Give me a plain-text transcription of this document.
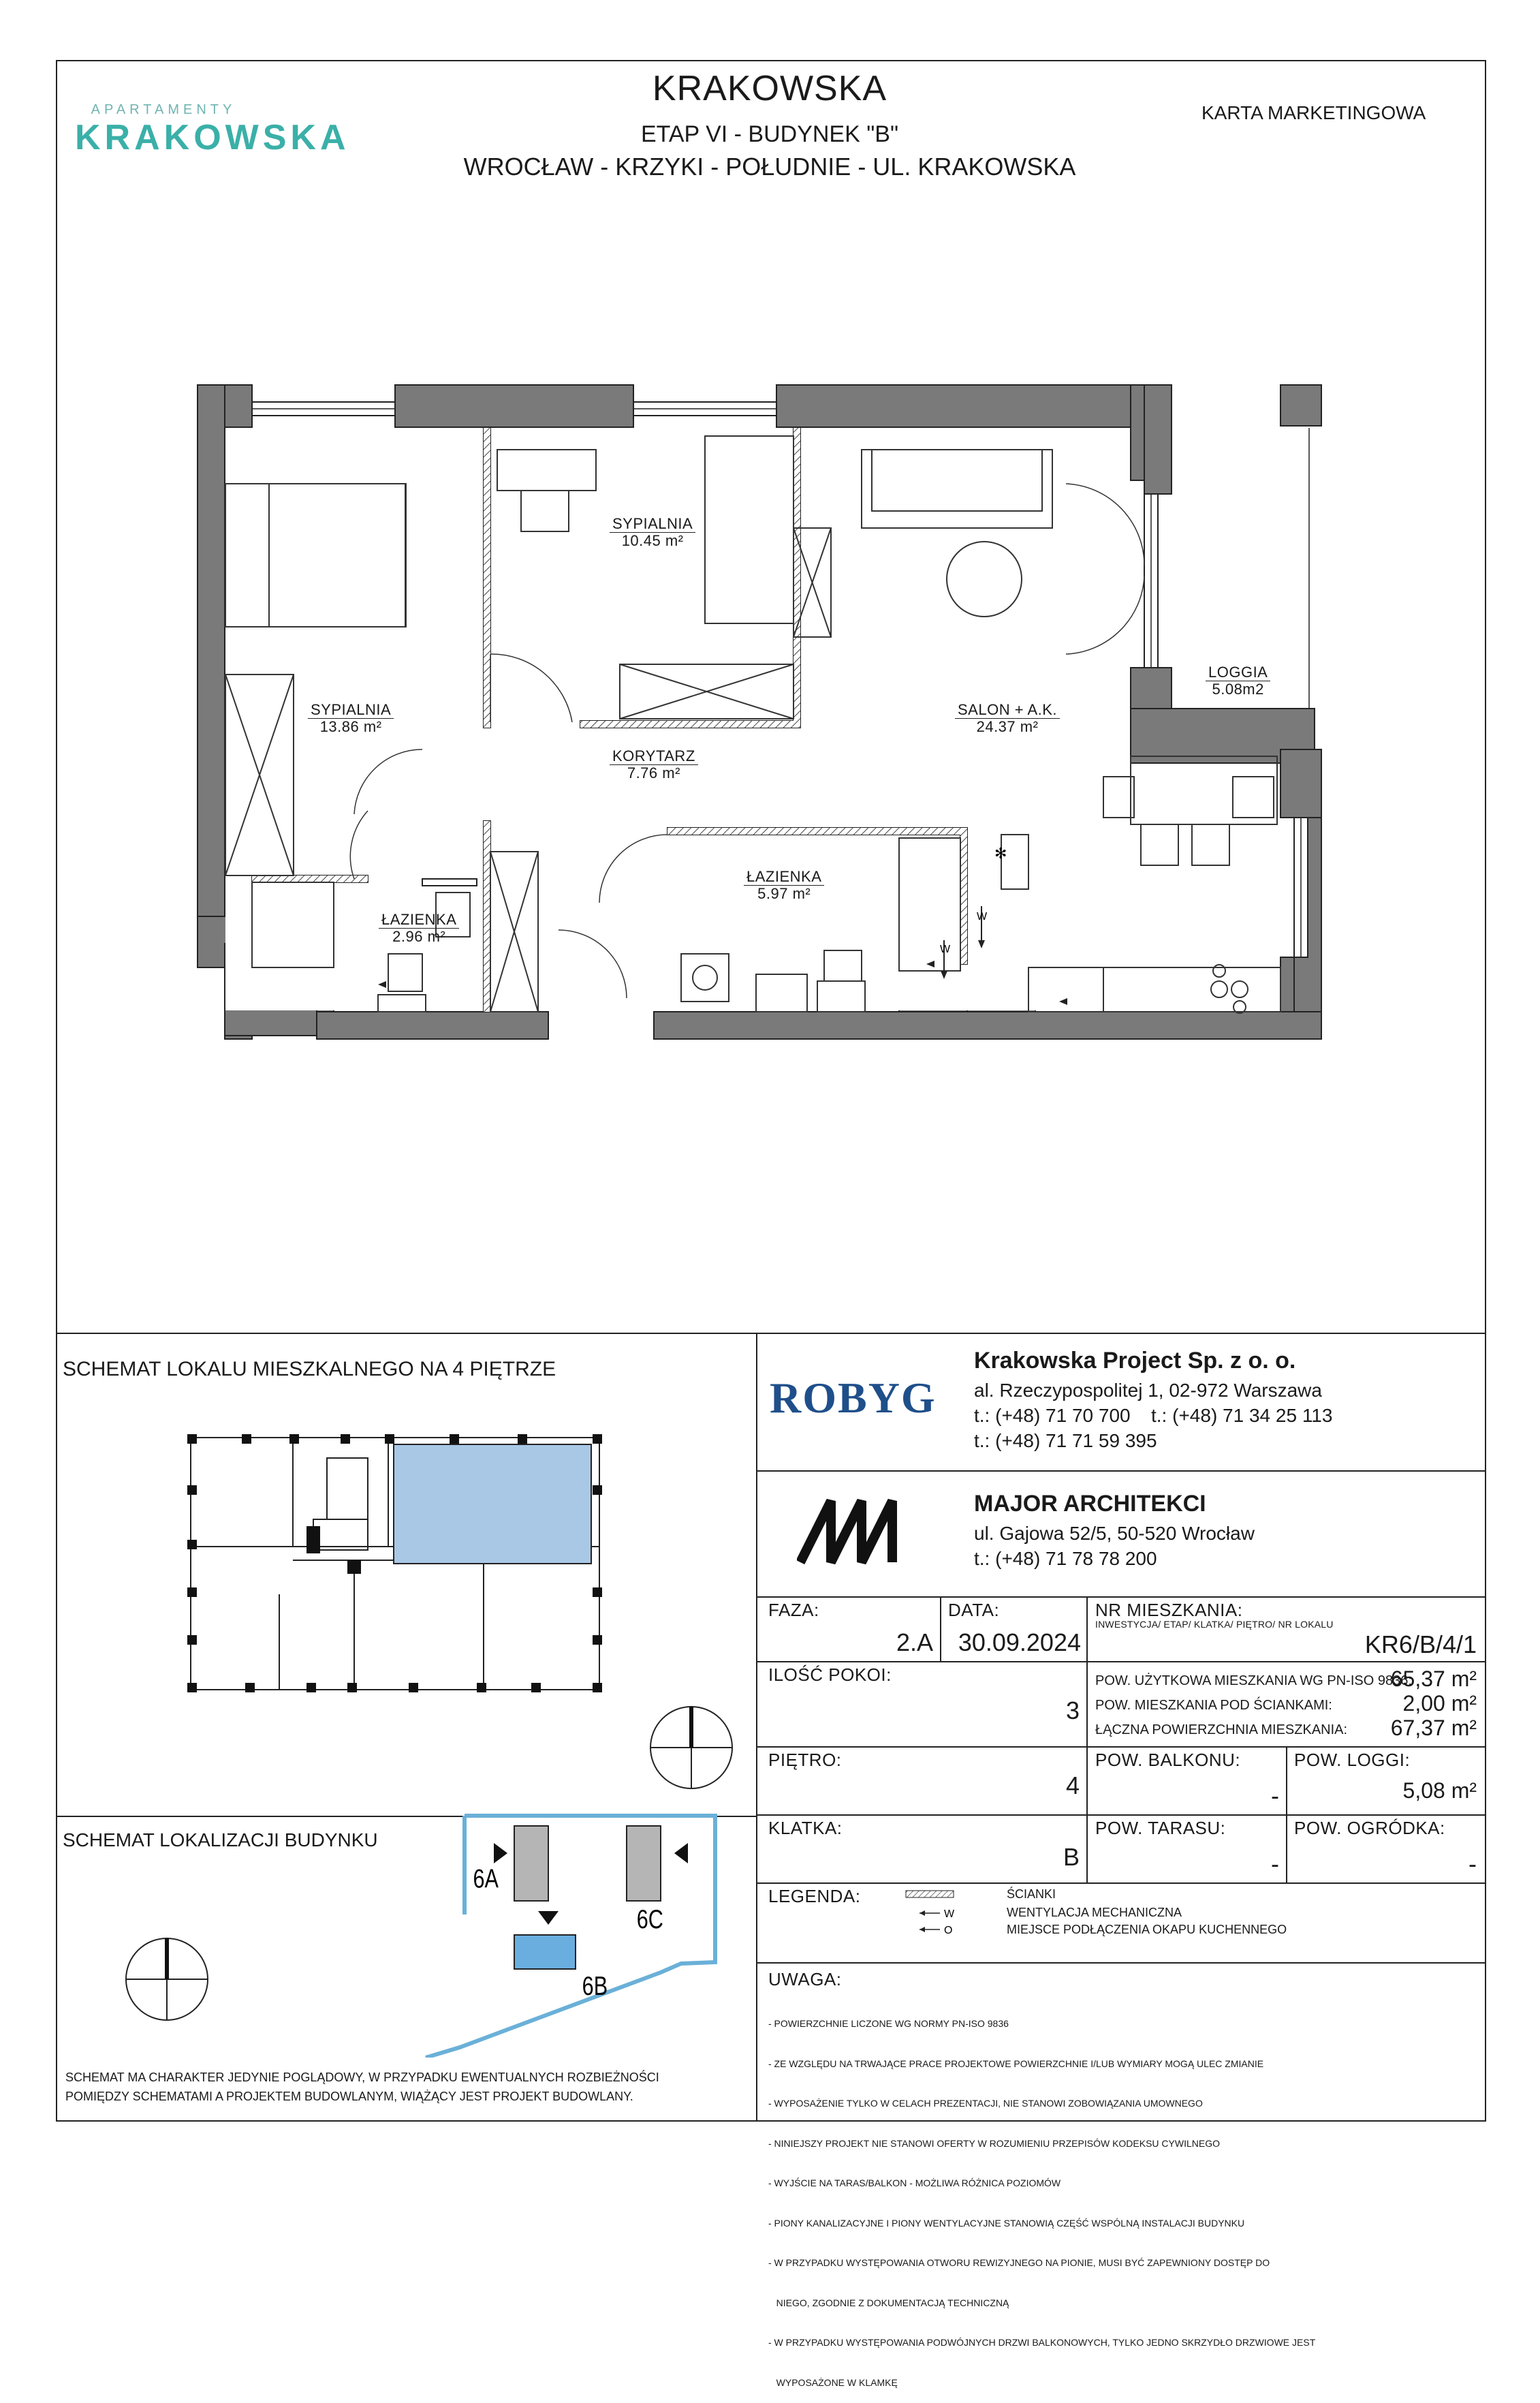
APARTAMENTY
KRAKOWSKA
KRAKOWSKA
ETAP VI - BUDYNEK "B"
WROCŁAW - KRZYKI - POŁUDNIE - UL. KRAKOWSKA
KARTA MARKETINGOWA
W
W
✻
SYPIALNIA
13.86 m²
SYPIALNIA
10.45 m²
SALON + A.K.
24.37 m²
LOGGIA
5.08m2
KORYTARZ
7.76 m²
ŁAZIENKA
5.97 m²
ŁAZIENKA
2.96 m²
SCHEMAT LOKALU MIESZKALNEGO NA 4 PIĘTRZE
SCHEMAT LOKALIZACJI BUDYNKU
6A
6B
6C
SCHEMAT MA CHARAKTER JEDYNIE POGLĄDOWY, W PRZYPADKU EWENTUALNYCH ROZBIEŻNOŚCI POMIĘDZY SCHEMATAMI A PROJEKTEM BUDOWLANYM, WIĄŻĄCY JEST PROJEKT BUDOWLANY.
ROBYG
Krakowska Project Sp. z o. o.
al. Rzeczypospolitej 1, 02-972 Warszawa
t.: (+48) 71 70 700 t.: (+48) 71 34 25 113
t.: (+48) 71 71 59 395
MAJOR ARCHITEKCI
ul. Gajowa 52/5, 50-520 Wrocław
t.: (+48) 71 78 78 200
FAZA:
2.A
DATA:
30.09.2024
NR MIESZKANIA:
INWESTYCJA/ ETAP/ KLATKA/ PIĘTRO/ NR LOKALU
KR6/B/4/1
ILOŚĆ POKOI:
3
POW. UŻYTKOWA MIESZKANIA WG PN-ISO 9836:
65,37 m²
POW. MIESZKANIA POD ŚCIANKAMI:	2,00 m²
ŁĄCZNA POWIERZCHNIA MIESZKANIA:	67,37 m²
PIĘTRO:
4
POW. BALKONU:
-
POW. LOGGI:
5,08 m²
KLATKA:
B
POW. TARASU:
-
POW. OGRÓDKA:
-
LEGENDA:
W
O
ŚCIANKI
WENTYLACJA MECHANICZNA
MIEJSCE PODŁĄCZENIA OKAPU KUCHENNEGO
UWAGA:

- POWIERZCHNIE LICZONE WG NORMY PN-ISO 9836

- ZE WZGLĘDU NA TRWAJĄCE PRACE PROJEKTOWE POWIERZCHNIE I/LUB WYMIARY MOGĄ ULEC ZMIANIE

- WYPOSAŻENIE TYLKO W CELACH PREZENTACJI, NIE STANOWI ZOBOWIĄZANIA UMOWNEGO

- NINIEJSZY PROJEKT NIE STANOWI OFERTY W ROZUMIENIU PRZEPISÓW KODEKSU CYWILNEGO

- WYJŚCIE NA TARAS/BALKON - MOŻLIWA RÓŻNICA POZIOMÓW

- PIONY KANALIZACYJNE I PIONY WENTYLACYJNE STANOWIĄ CZĘŚĆ WSPÓLNĄ INSTALACJI BUDYNKU

- W PRZYPADKU WYSTĘPOWANIA OTWORU REWIZYJNEGO NA PIONIE, MUSI BYĆ ZAPEWNIONY DOSTĘP DO

NIEGO, ZGODNIE Z DOKUMENTACJĄ TECHNICZNĄ

- W PRZYPADKU WYSTĘPOWANIA PODWÓJNYCH DRZWI BALKONOWYCH, TYLKO JEDNO SKRZYDŁO DRZWIOWE JEST

WYPOSAŻONE W KLAMKĘ
